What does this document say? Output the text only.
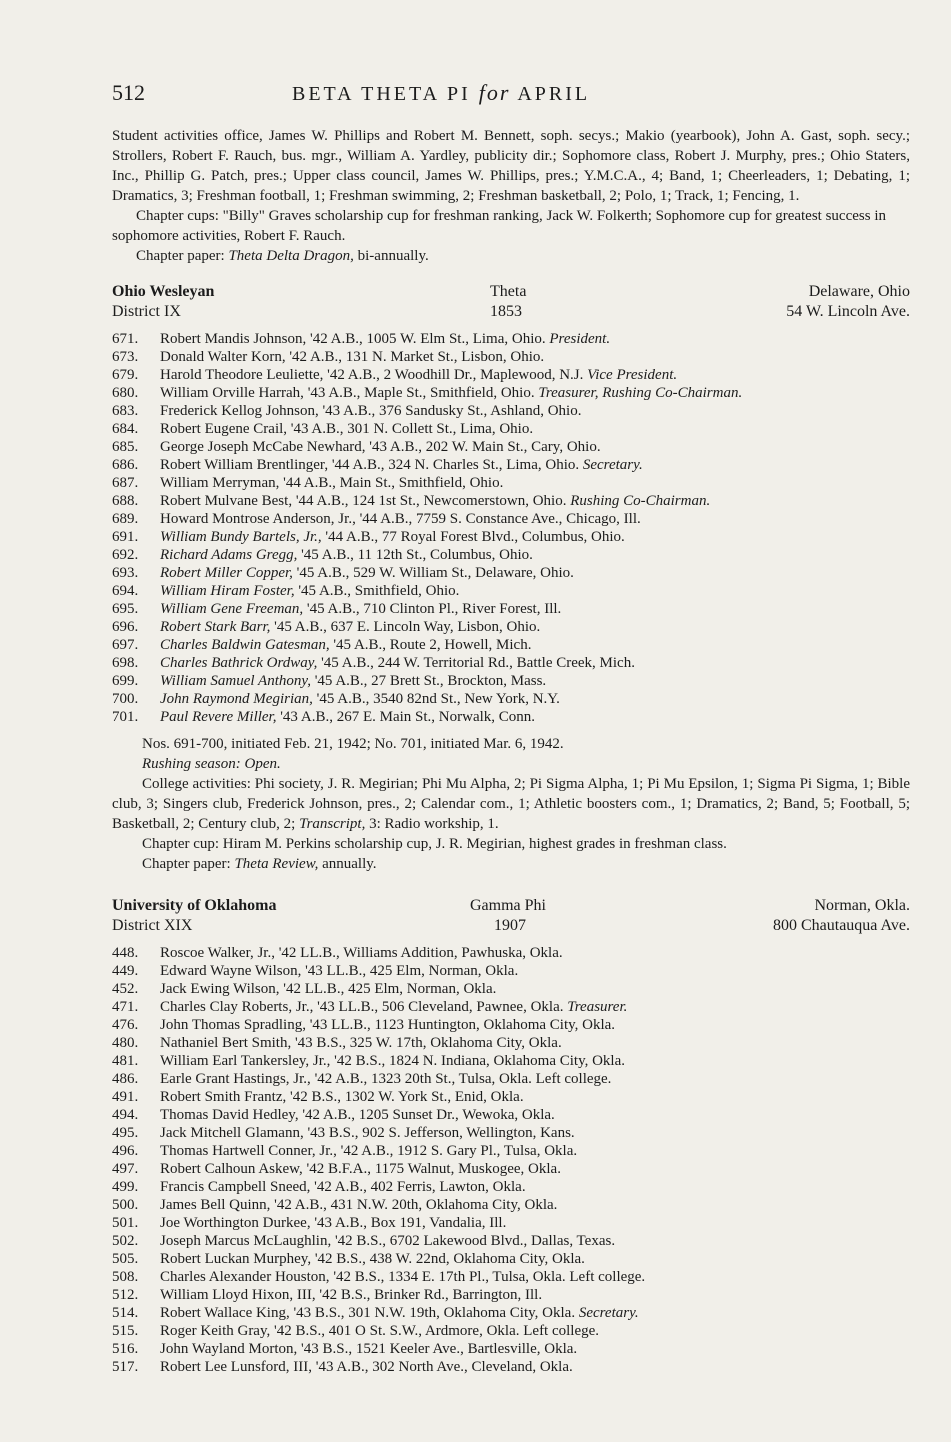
512	BETA THETA PI for APRIL

Student activities office, James W. Phillips and Robert M. Bennett, soph. secys.; Makio (yearbook), John A. Gast, soph. secy.; Strollers, Robert F. Rauch, bus. mgr., William A. Yardley, publicity dir.; Sophomore class, Robert J. Murphy, pres.; Ohio Staters, Inc., Phillip G. Patch, pres.; Upper class council, James W. Phillips, pres.; Y.M.C.A., 4; Band, 1; Cheerleaders, 1; Debating, 1; Dramatics, 3; Freshman football, 1; Freshman swimming, 2; Freshman basketball, 2; Polo, 1; Track, 1; Fencing, 1.

Chapter cups: "Billy" Graves scholarship cup for freshman ranking, Jack W. Folkerth; Sophomore cup for greatest success in sophomore activities, Robert F. Rauch.

Chapter paper: Theta Delta Dragon, bi-annually.

Ohio Wesleyan
District IX
Theta
1853
Delaware, Ohio
54 W. Lincoln Ave.
671. Robert Mandis Johnson, '42 A.B., 1005 W. Elm St., Lima, Ohio. President.
673. Donald Walter Korn, '42 A.B., 131 N. Market St., Lisbon, Ohio.
679. Harold Theodore Leuliette, '42 A.B., 2 Woodhill Dr., Maplewood, N.J. Vice President.
680. William Orville Harrah, '43 A.B., Maple St., Smithfield, Ohio. Treasurer, Rushing Co-Chairman.
683. Frederick Kellog Johnson, '43 A.B., 376 Sandusky St., Ashland, Ohio.
684. Robert Eugene Crail, '43 A.B., 301 N. Collett St., Lima, Ohio.
685. George Joseph McCabe Newhard, '43 A.B., 202 W. Main St., Cary, Ohio.
686. Robert William Brentlinger, '44 A.B., 324 N. Charles St., Lima, Ohio. Secretary.
687. William Merryman, '44 A.B., Main St., Smithfield, Ohio.
688. Robert Mulvane Best, '44 A.B., 124 1st St., Newcomerstown, Ohio. Rushing Co-Chairman.
689. Howard Montrose Anderson, Jr., '44 A.B., 7759 S. Constance Ave., Chicago, Ill.
691. William Bundy Bartels, Jr., '44 A.B., 77 Royal Forest Blvd., Columbus, Ohio.
692. Richard Adams Gregg, '45 A.B., 11 12th St., Columbus, Ohio.
693. Robert Miller Copper, '45 A.B., 529 W. William St., Delaware, Ohio.
694. William Hiram Foster, '45 A.B., Smithfield, Ohio.
695. William Gene Freeman, '45 A.B., 710 Clinton Pl., River Forest, Ill.
696. Robert Stark Barr, '45 A.B., 637 E. Lincoln Way, Lisbon, Ohio.
697. Charles Baldwin Gatesman, '45 A.B., Route 2, Howell, Mich.
698. Charles Bathrick Ordway, '45 A.B., 244 W. Territorial Rd., Battle Creek, Mich.
699. William Samuel Anthony, '45 A.B., 27 Brett St., Brockton, Mass.
700. John Raymond Megirian, '45 A.B., 3540 82nd St., New York, N.Y.
701. Paul Revere Miller, '43 A.B., 267 E. Main St., Norwalk, Conn.

Nos. 691-700, initiated Feb. 21, 1942; No. 701, initiated Mar. 6, 1942.

Rushing season: Open.

College activities: Phi society, J. R. Megirian; Phi Mu Alpha, 2; Pi Sigma Alpha, 1; Pi Mu Epsilon, 1; Sigma Pi Sigma, 1; Bible club, 3; Singers club, Frederick Johnson, pres., 2; Calendar com., 1; Athletic boosters com., 1; Dramatics, 2; Band, 5; Football, 5; Basketball, 2; Century club, 2; Transcript, 3: Radio workship, 1.

Chapter cup: Hiram M. Perkins scholarship cup, J. R. Megirian, highest grades in freshman class.

Chapter paper: Theta Review, annually.

University of Oklahoma
District XIX
Gamma Phi
1907
Norman, Okla.
800 Chautauqua Ave.
448. Roscoe Walker, Jr., '42 LL.B., Williams Addition, Pawhuska, Okla.
449. Edward Wayne Wilson, '43 LL.B., 425 Elm, Norman, Okla.
452. Jack Ewing Wilson, '42 LL.B., 425 Elm, Norman, Okla.
471. Charles Clay Roberts, Jr., '43 LL.B., 506 Cleveland, Pawnee, Okla. Treasurer.
476. John Thomas Spradling, '43 LL.B., 1123 Huntington, Oklahoma City, Okla.
480. Nathaniel Bert Smith, '43 B.S., 325 W. 17th, Oklahoma City, Okla.
481. William Earl Tankersley, Jr., '42 B.S., 1824 N. Indiana, Oklahoma City, Okla.
486. Earle Grant Hastings, Jr., '42 A.B., 1323 20th St., Tulsa, Okla. Left college.
491. Robert Smith Frantz, '42 B.S., 1302 W. York St., Enid, Okla.
494. Thomas David Hedley, '42 A.B., 1205 Sunset Dr., Wewoka, Okla.
495. Jack Mitchell Glamann, '43 B.S., 902 S. Jefferson, Wellington, Kans.
496. Thomas Hartwell Conner, Jr., '42 A.B., 1912 S. Gary Pl., Tulsa, Okla.
497. Robert Calhoun Askew, '42 B.F.A., 1175 Walnut, Muskogee, Okla.
499. Francis Campbell Sneed, '42 A.B., 402 Ferris, Lawton, Okla.
500. James Bell Quinn, '42 A.B., 431 N.W. 20th, Oklahoma City, Okla.
501. Joe Worthington Durkee, '43 A.B., Box 191, Vandalia, Ill.
502. Joseph Marcus McLaughlin, '42 B.S., 6702 Lakewood Blvd., Dallas, Texas.
505. Robert Luckan Murphey, '42 B.S., 438 W. 22nd, Oklahoma City, Okla.
508. Charles Alexander Houston, '42 B.S., 1334 E. 17th Pl., Tulsa, Okla. Left college.
512. William Lloyd Hixon, III, '42 B.S., Brinker Rd., Barrington, Ill.
514. Robert Wallace King, '43 B.S., 301 N.W. 19th, Oklahoma City, Okla. Secretary.
515. Roger Keith Gray, '42 B.S., 401 O St. S.W., Ardmore, Okla. Left college.
516. John Wayland Morton, '43 B.S., 1521 Keeler Ave., Bartlesville, Okla.
517. Robert Lee Lunsford, III, '43 A.B., 302 North Ave., Cleveland, Okla.
